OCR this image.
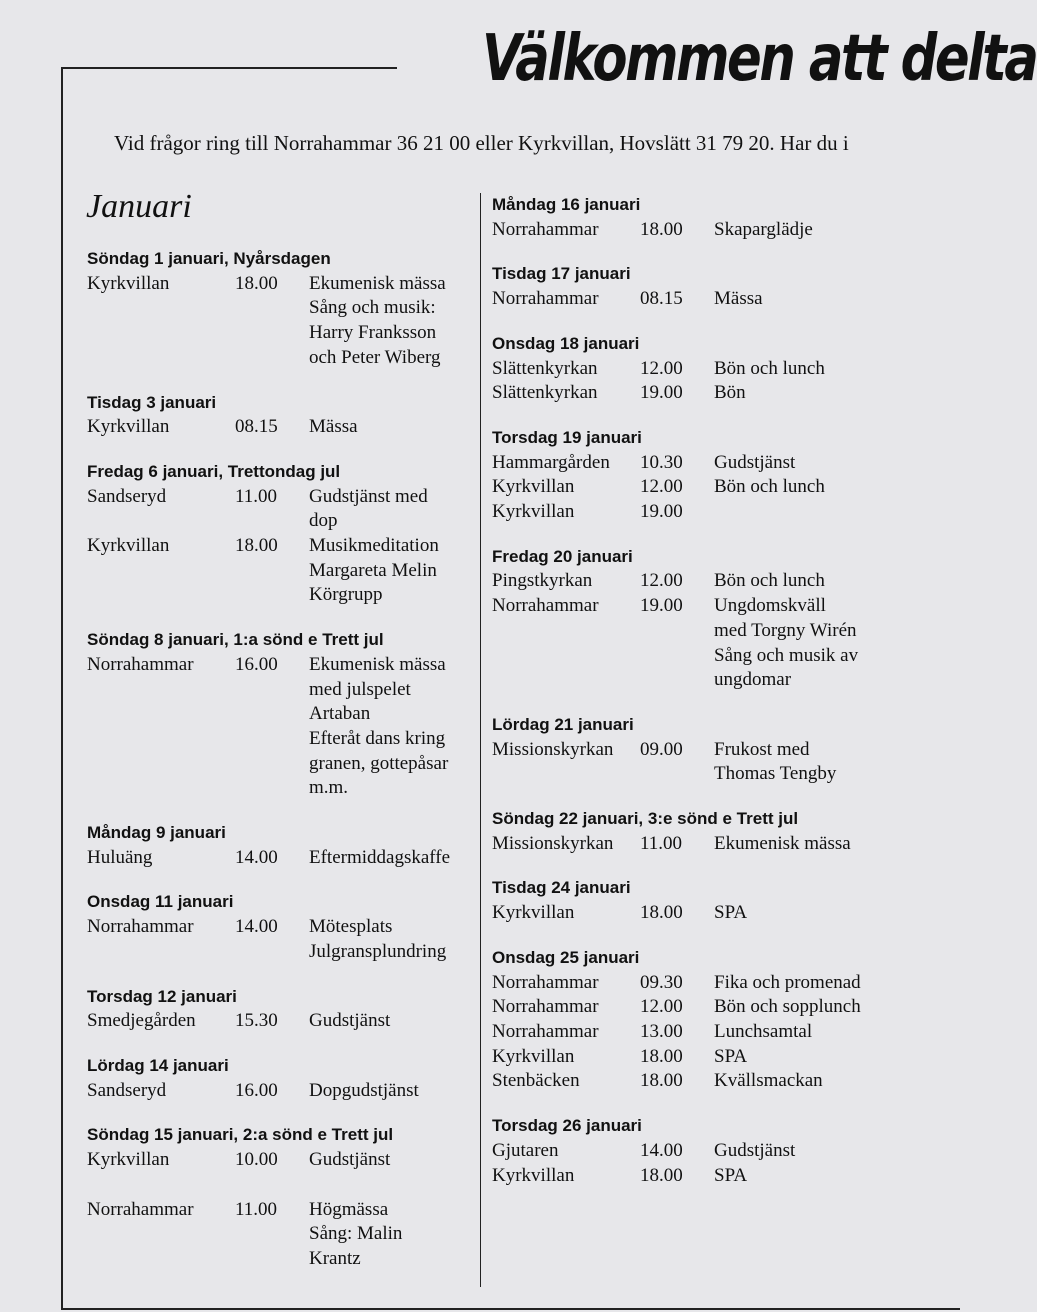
Välkommen att delta
Vid frågor ring till Norrahammar 36 21 00 eller Kyrkvillan, Hovslätt 31 79 20. Har du i
Januari
Söndag 1 januari, Nyårsdagen
Kyrkvillan	18.00	Ekumenisk mässa
Sång och musik:
Harry Franksson
och Peter Wiberg
Tisdag 3 januari
Kyrkvillan	08.15	Mässa
Fredag 6 januari, Trettondag jul
Sandseryd	11.00	Gudstjänst med
dop
Kyrkvillan	18.00	Musikmeditation
Margareta Melin
Körgrupp
Söndag 8 januari, 1:a sönd e Trett jul
Norrahammar	16.00	Ekumenisk mässa
med julspelet
Artaban
Efteråt dans kring
granen, gottepåsar
m.m.
Måndag 9 januari
Huluäng	14.00	Eftermiddagskaffe
Onsdag 11 januari
Norrahammar	14.00	Mötesplats
Julgransplundring
Torsdag 12 januari
Smedjegården	15.30	Gudstjänst
Lördag 14 januari
Sandseryd	16.00	Dopgudstjänst
Söndag 15 januari, 2:a sönd e Trett jul
Kyrkvillan	10.00	Gudstjänst

Norrahammar	11.00	Högmässa
Sång: Malin
Krantz
Måndag 16 januari
Norrahammar	18.00	Skaparglädje
Tisdag 17 januari
Norrahammar	08.15	Mässa
Onsdag 18 januari
Slättenkyrkan	12.00	Bön och lunch
Slättenkyrkan	19.00	Bön
Torsdag 19 januari
Hammargården	10.30	Gudstjänst
Kyrkvillan	12.00	Bön och lunch
Kyrkvillan	19.00

Fredag 20 januari
Pingstkyrkan	12.00	Bön och lunch
Norrahammar	19.00	Ungdomskväll
med Torgny Wirén
Sång och musik av
ungdomar
Lördag 21 januari
Missionskyrkan	09.00	Frukost med
Thomas Tengby
Söndag 22 januari, 3:e sönd e Trett jul
Missionskyrkan	11.00	Ekumenisk mässa
Tisdag 24 januari
Kyrkvillan	18.00	SPA
Onsdag 25 januari
Norrahammar	09.30	Fika och promenad
Norrahammar	12.00	Bön och sopplunch
Norrahammar	13.00	Lunchsamtal
Kyrkvillan	18.00	SPA
Stenbäcken	18.00	Kvällsmackan
Torsdag 26 januari
Gjutaren	14.00	Gudstjänst
Kyrkvillan	18.00	SPA
